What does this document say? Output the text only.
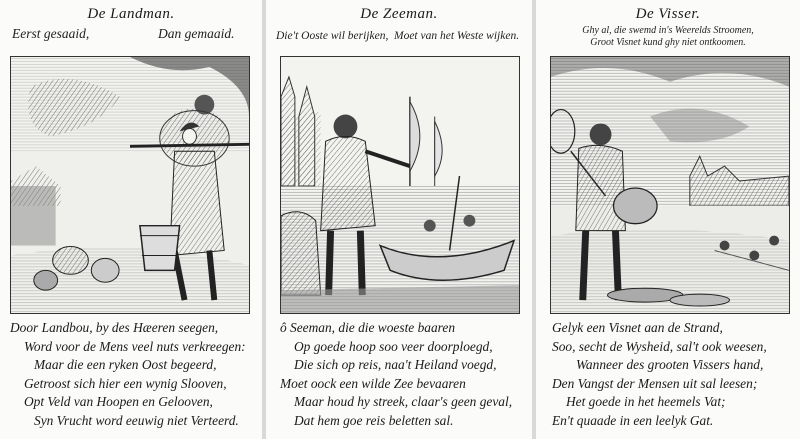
De Landman.
Eerst gesaaid,	Dan gemaaid.
Door Landbou, by des Hæeren seegen,
Word voor de Mens veel nuts verkreegen:
Maar die een ryken Oost begeerd,
Getroost sich hier een wynig Slooven,
Opt Veld van Hoopen en Gelooven,
Syn Vrucht word eeuwig niet Verteerd.
De Zeeman.
Die't Ooste wil berijken, Moet van het Weste wijken.
ô Seeman, die die woeste baaren
Op goede hoop soo veer doorploegd,
Die sich op reis, naa't Heiland voegd,
Moet oock een wilde Zee bevaaren
Maar houd hy streek, claar's geen geval,
Dat hem goe reis beletten sal.
De Visser.
Ghy al, die swemd in's Weerelds Stroomen,
Groot Visnet kund ghy niet ontkoomen.
Gelyk een Visnet aan de Strand,
Soo, secht de Wysheid, sal't ook weesen,
Wanneer des grooten Vissers hand,
Den Vangst der Mensen uit sal leesen;
Het goede in het heemels Vat;
En't quaade in een leelyk Gat.
